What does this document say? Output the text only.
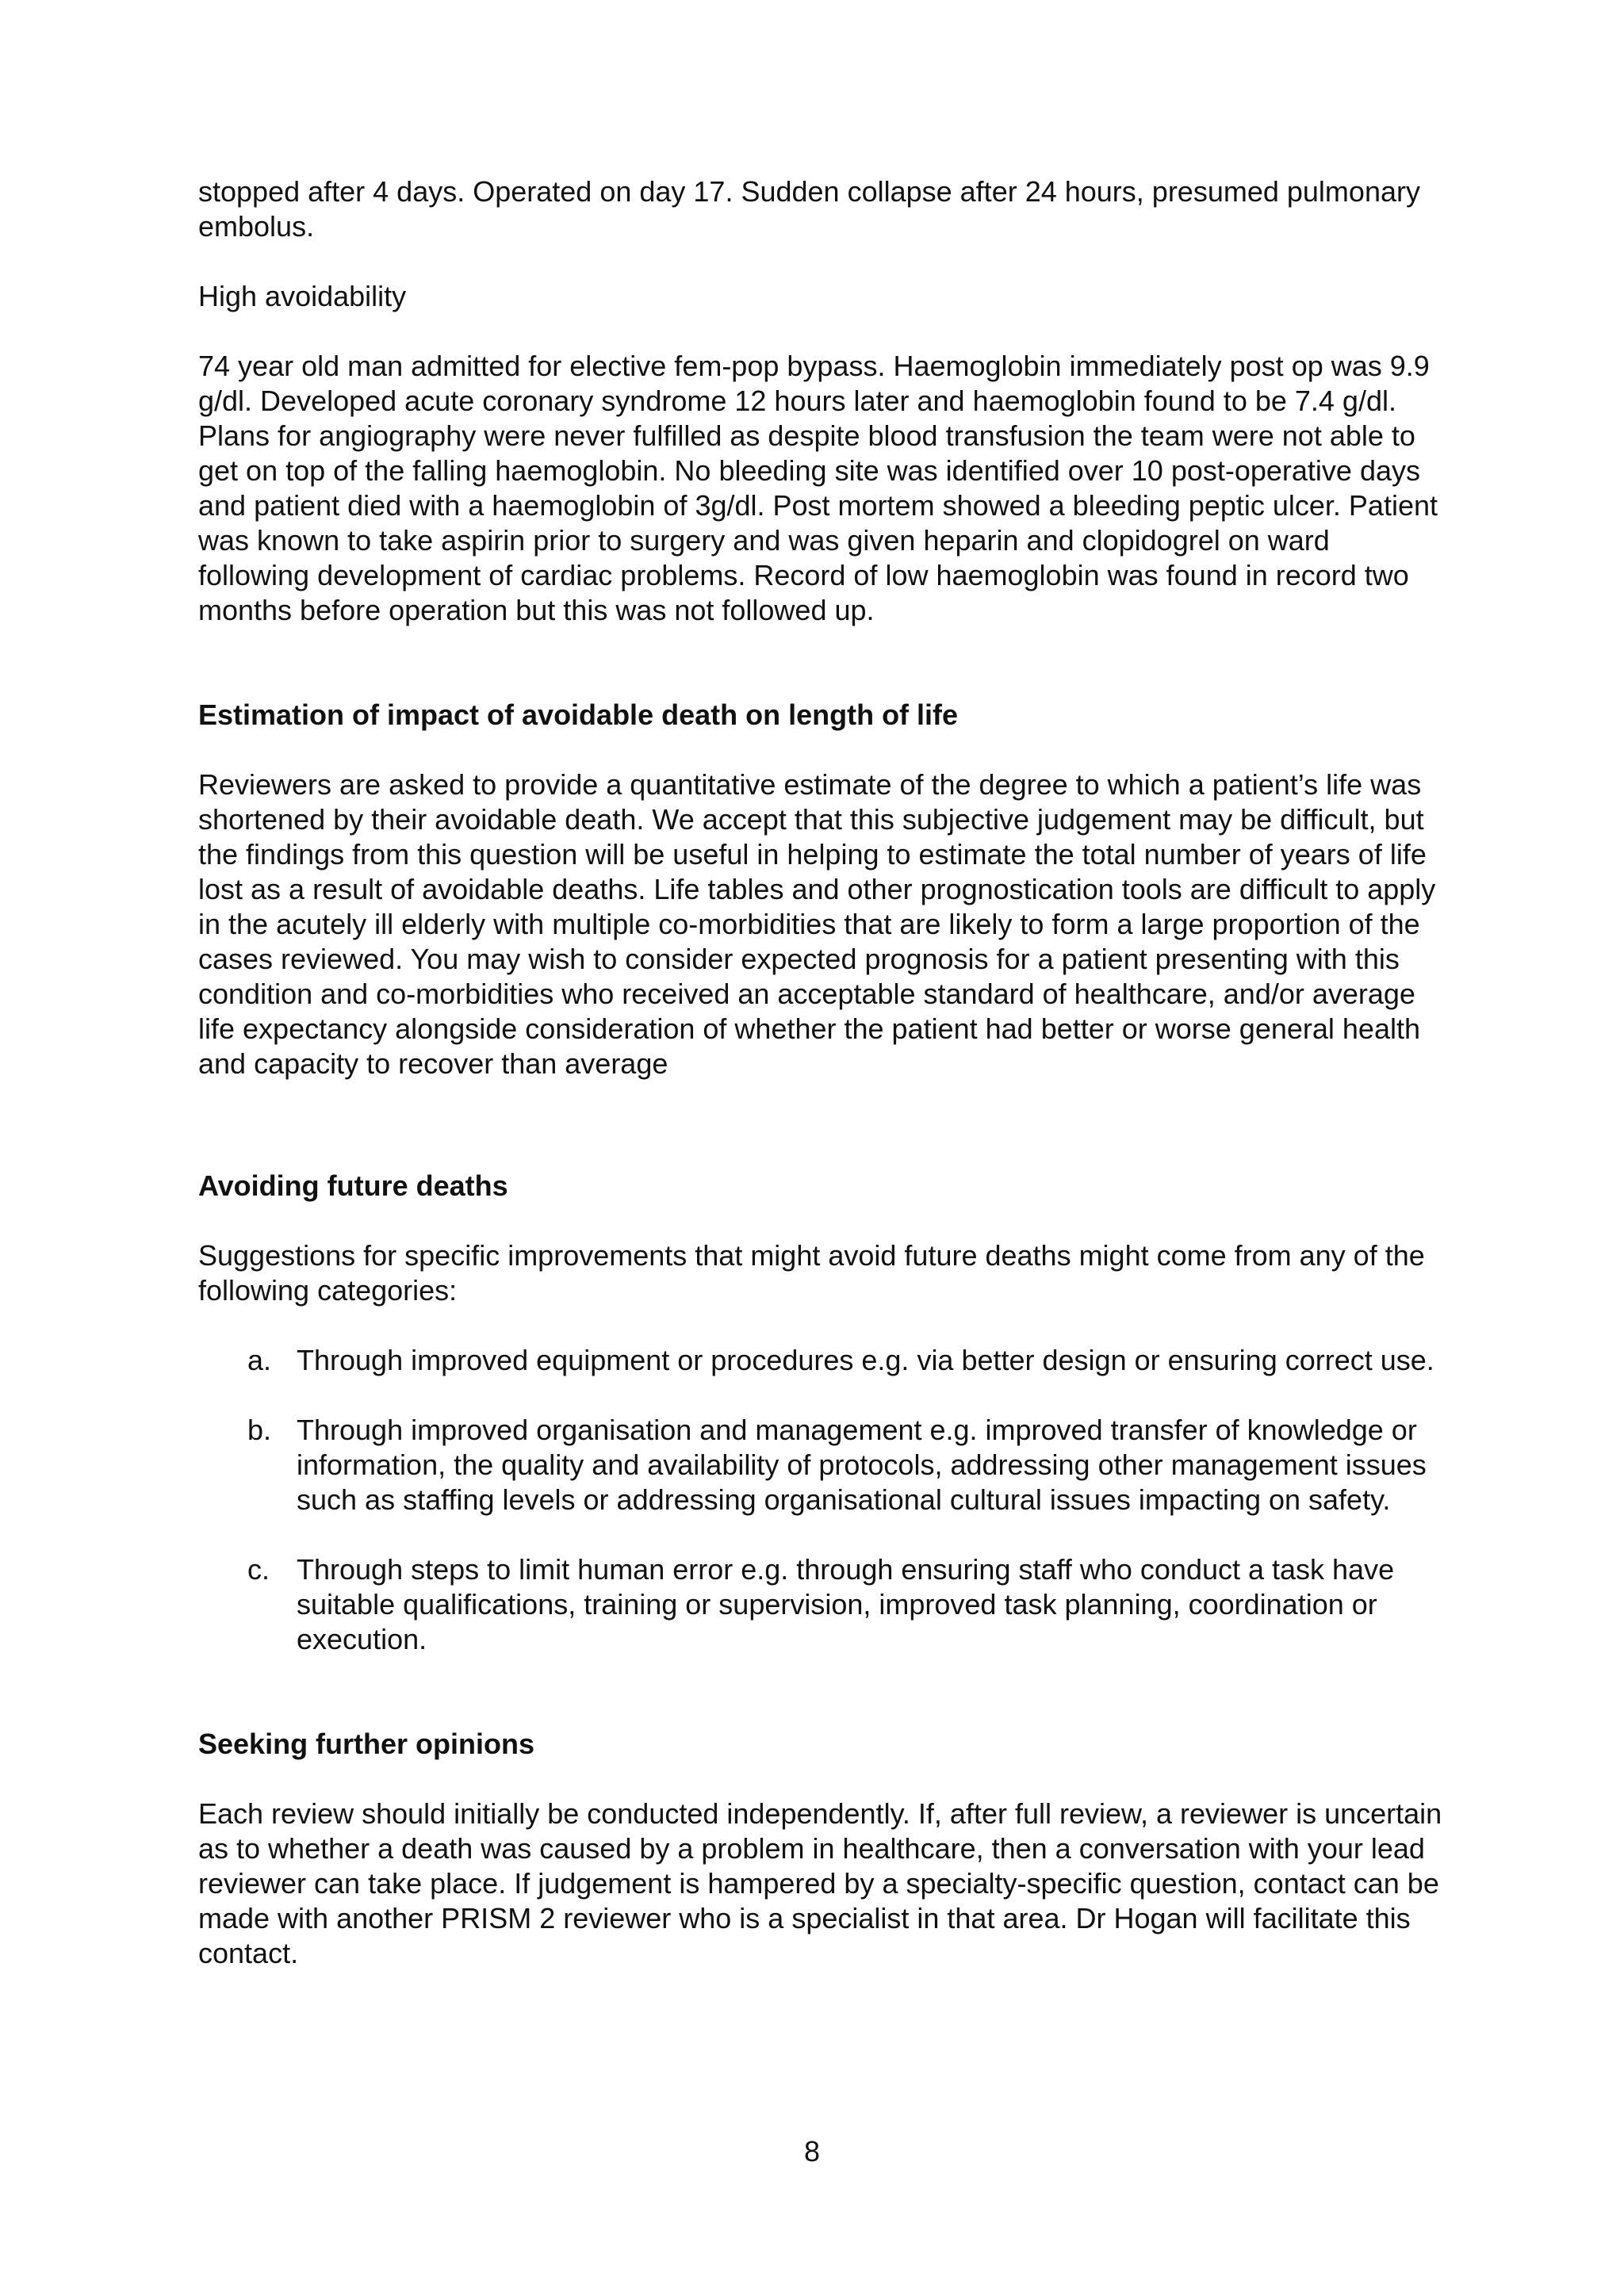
stopped after 4 days. Operated on day 17. Sudden collapse after 24 hours, presumed pulmonary embolus.

High avoidability

74 year old man admitted for elective fem-pop bypass. Haemoglobin immediately post op was 9.9 g/dl. Developed acute coronary syndrome 12 hours later and haemoglobin found to be 7.4 g/dl. Plans for angiography were never fulfilled as despite blood transfusion the team were not able to get on top of the falling haemoglobin. No bleeding site was identified over 10 post-operative days and patient died with a haemoglobin of 3g/dl. Post mortem showed a bleeding peptic ulcer. Patient was known to take aspirin prior to surgery and was given heparin and clopidogrel on ward following development of cardiac problems. Record of low haemoglobin was found in record two months before operation but this was not followed up.

Estimation of impact of avoidable death on length of life

Reviewers are asked to provide a quantitative estimate of the degree to which a patient’s life was shortened by their avoidable death. We accept that this subjective judgement may be difficult, but the findings from this question will be useful in helping to estimate the total number of years of life lost as a result of avoidable deaths. Life tables and other prognostication tools are difficult to apply in the acutely ill elderly with multiple co-morbidities that are likely to form a large proportion of the cases reviewed. You may wish to consider expected prognosis for a patient presenting with this condition and co-morbidities who received an acceptable standard of healthcare, and/or average life expectancy alongside consideration of whether the patient had better or worse general health and capacity to recover than average

Avoiding future deaths

Suggestions for specific improvements that might avoid future deaths might come from any of the following categories:

a. Through improved equipment or procedures e.g. via better design or ensuring correct use.
b. Through improved organisation and management e.g. improved transfer of knowledge or information, the quality and availability of protocols, addressing other management issues such as staffing levels or addressing organisational cultural issues impacting on safety.
c. Through steps to limit human error e.g. through ensuring staff who conduct a task have suitable qualifications, training or supervision, improved task planning, coordination or execution.
Seeking further opinions

Each review should initially be conducted independently. If, after full review, a reviewer is uncertain as to whether a death was caused by a problem in healthcare, then a conversation with your lead reviewer can take place. If judgement is hampered by a specialty-specific question, contact can be made with another PRISM 2 reviewer who is a specialist in that area. Dr Hogan will facilitate this contact.

8
